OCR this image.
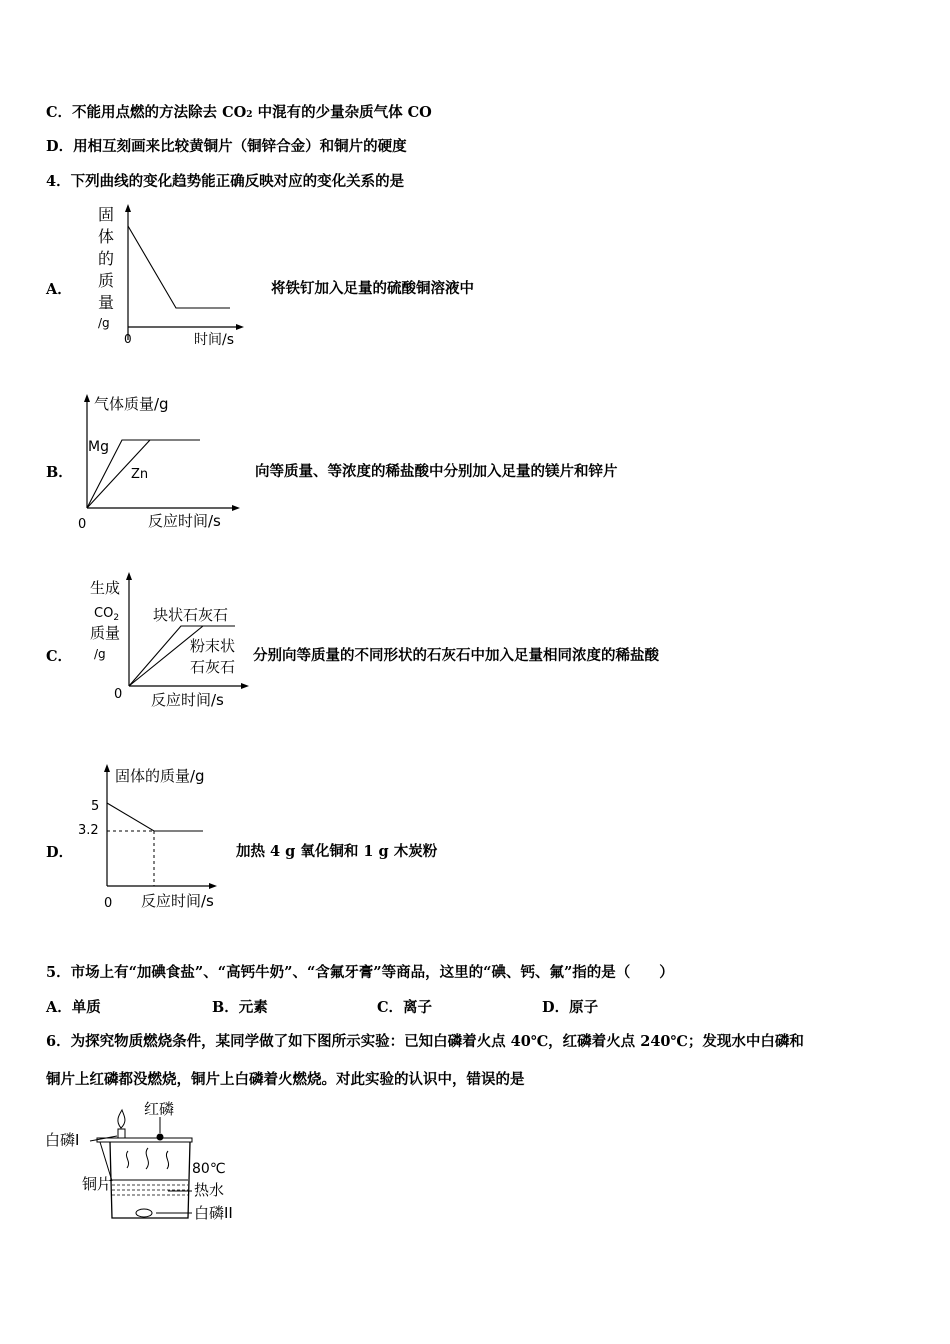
C．不能用点燃的方法除去 CO2 中混有的少量杂质气体 CO
D．用相互刻画来比较黄铜片（铜锌合金）和铜片的硬度
4．下列曲线的变化趋势能正确反映对应的变化关系的是
A．	将铁钉加入足量的硫酸铜溶液中
B．	向等质量、等浓度的稀盐酸中分别加入足量的镁片和锌片
C．	分别向等质量的不同形状的石灰石中加入足量相同浓度的稀盐酸
D．	加热 4 g 氧化铜和 1 g 木炭粉
固
体
的
质
量
/g
0	时间/s
气体质量/g
Mg
Zn
0	反应时间/s
生成
$CO_2$
质量
/g
块状石灰石
粉末状
石灰石
0 反应时间/s
固体的质量/g
5
3.2
0 反应时间/s
5．市场上有“加碘食盐”、“高钙牛奶”、“含氟牙膏”等商品，这里的“碘、钙、氟”指的是（　　）
A．单质	B．元素	C．离子	D．原子
6．为探究物质燃烧条件，某同学做了如下图所示实验：已知白磷着火点 40℃，红磷着火点 240℃；发现水中白磷和
铜片上红磷都没燃烧，铜片上白磷着火燃烧。对此实验的认识中，错误的是
白磷I
红磷
铜片
80℃
热水
白磷II
